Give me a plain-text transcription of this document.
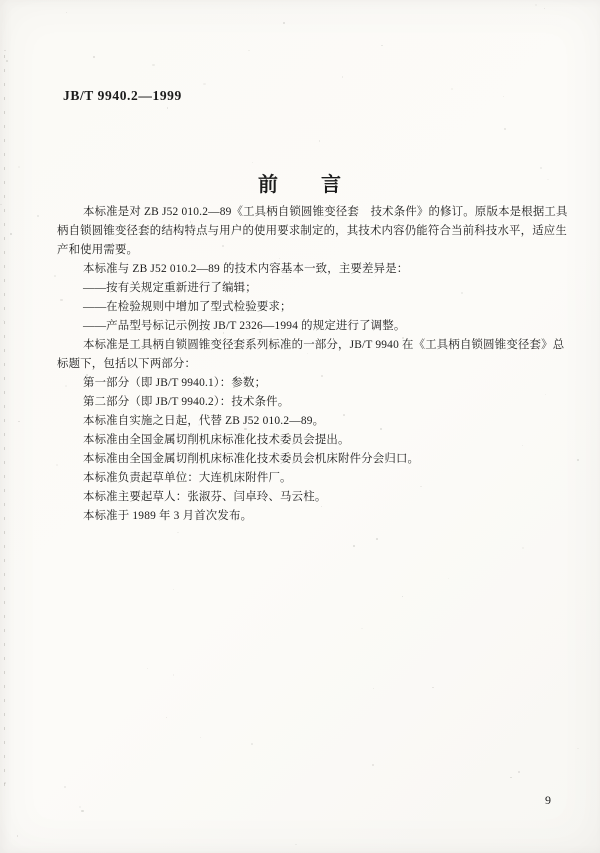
JB/T 9940.2—1999
前　　言
本标准是对 ZB J52 010.2—89《工具柄自锁圆锥变径套　技术条件》的修订。原版本是根据工具
柄自锁圆锥变径套的结构特点与用户的使用要求制定的，其技术内容仍能符合当前科技水平，适应生
产和使用需要。
本标准与 ZB J52 010.2—89 的技术内容基本一致，主要差异是：
——按有关规定重新进行了编辑；
——在检验规则中增加了型式检验要求；
——产品型号标记示例按 JB/T 2326—1994 的规定进行了调整。
本标准是工具柄自锁圆锥变径套系列标准的一部分，JB/T 9940 在《工具柄自锁圆锥变径套》总
标题下，包括以下两部分：
第一部分（即 JB/T 9940.1）：参数；
第二部分（即 JB/T 9940.2）：技术条件。
本标准自实施之日起，代替 ZB J52 010.2—89。
本标准由全国金属切削机床标准化技术委员会提出。
本标准由全国金属切削机床标准化技术委员会机床附件分会归口。
本标准负责起草单位：大连机床附件厂。
本标准主要起草人：张淑芬、闫卓玲、马云柱。
本标准于 1989 年 3 月首次发布。
9
